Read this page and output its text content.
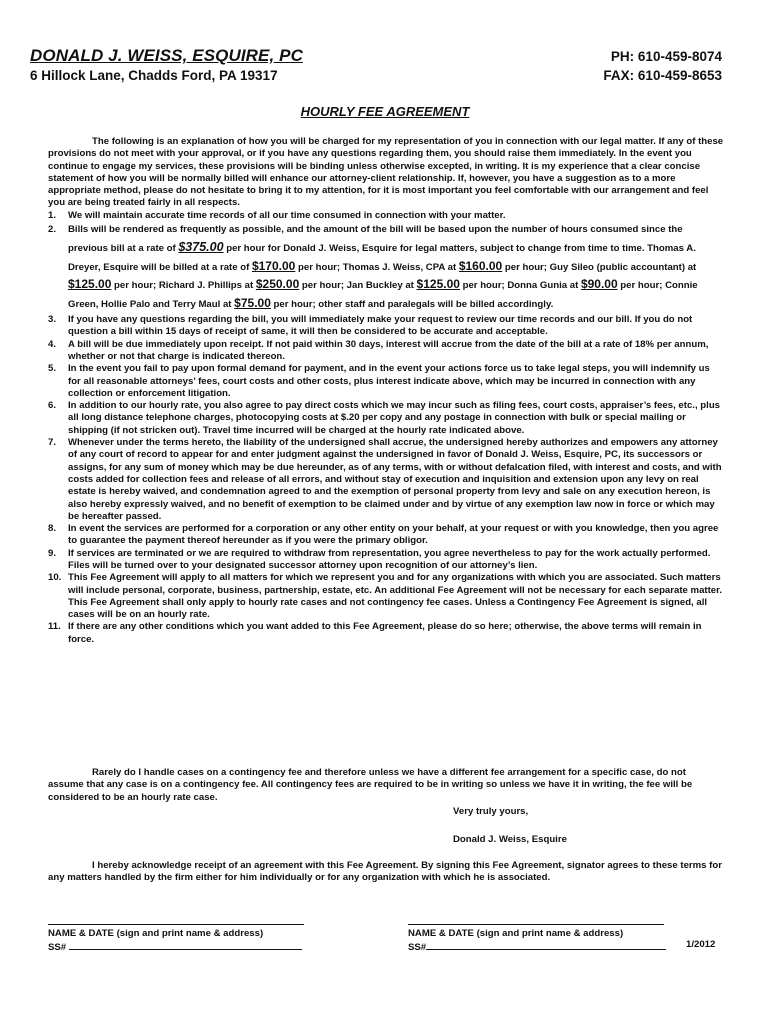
DONALD J. WEISS, ESQUIRE, PC
6 Hillock Lane, Chadds Ford, PA 19317
PH: 610-459-8074
FAX: 610-459-8653
HOURLY FEE AGREEMENT

The following is an explanation of how you will be charged for my representation of you in connection with our legal matter. If any of these provisions do not meet with your approval, or if you have any questions regarding them, you should raise them immediately. In the event you continue to engage my services, these provisions will be binding unless otherwise excepted, in writing. It is my experience that a clear concise statement of how you will be normally billed will enhance our attorney-client relationship. If, however, you have a suggestion as to a more appropriate method, please do not hesitate to bring it to my attention, for it is most important you feel comfortable with our arrangement and feel you are being treated fairly in all respects.

1. We will maintain accurate time records of all our time consumed in connection with your matter.
2. Bills will be rendered as frequently as possible, and the amount of the bill will be based upon the number of hours consumed since the previous bill at a rate of $375.00 per hour for Donald J. Weiss, Esquire for legal matters, subject to change from time to time. Thomas A. Dreyer, Esquire will be billed at a rate of $170.00 per hour; Thomas J. Weiss, CPA at $160.00 per hour; Guy Sileo (public accountant) at $125.00 per hour; Richard J. Phillips at $250.00 per hour; Jan Buckley at $125.00 per hour; Donna Gunia at $90.00 per hour; Connie Green, Hollie Palo and Terry Maul at $75.00 per hour; other staff and paralegals will be billed accordingly.
3. If you have any questions regarding the bill, you will immediately make your request to review our time records and our bill. If you do not question a bill within 15 days of receipt of same, it will then be considered to be accurate and acceptable.
4. A bill will be due immediately upon receipt. If not paid within 30 days, interest will accrue from the date of the bill at a rate of 18% per annum, whether or not that charge is indicated thereon.
5. In the event you fail to pay upon formal demand for payment, and in the event your actions force us to take legal steps, you will indemnify us for all reasonable attorneys’ fees, court costs and other costs, plus interest indicate above, which may be incurred in connection with any collection or enforcement litigation.
6. In addition to our hourly rate, you also agree to pay direct costs which we may incur such as filing fees, court costs, appraiser’s fees, etc., plus all long distance telephone charges, photocopying costs at $.20 per copy and any postage in connection with bulk or special mailing or shipping (if not stricken out). Travel time incurred will be charged at the hourly rate indicated above.
7. Whenever under the terms hereto, the liability of the undersigned shall accrue, the undersigned hereby authorizes and empowers any attorney of any court of record to appear for and enter judgment against the undersigned in favor of Donald J. Weiss, Esquire, PC, its successors or assigns, for any sum of money which may be due hereunder, as of any terms, with or without defalcation filed, with interest and costs, and with costs added for collection fees and release of all errors, and without stay of execution and inquisition and extension upon any levy on real estate is hereby waived, and condemnation agreed to and the exemption of personal property from levy and sale on any execution hereon, is also hereby expressly waived, and no benefit of exemption to be claimed under and by virtue of any exemption law now in force or which may be hereafter passed.
8. In event the services are performed for a corporation or any other entity on your behalf, at your request or with you knowledge, then you agree to guarantee the payment thereof hereunder as if you were the primary obligor.
9. If services are terminated or we are required to withdraw from representation, you agree nevertheless to pay for the work actually performed. Files will be turned over to your designated successor attorney upon recognition of our attorney’s lien.
10. This Fee Agreement will apply to all matters for which we represent you and for any organizations with which you are associated. Such matters will include personal, corporate, business, partnership, estate, etc. An additional Fee Agreement will not be necessary for each separate matter. This Fee Agreement shall only apply to hourly rate cases and not contingency fee cases. Unless a Contingency Fee Agreement is signed, all cases will be on an hourly rate.
11. If there are any other conditions which you want added to this Fee Agreement, please do so here; otherwise, the above terms will remain in force.

Rarely do I handle cases on a contingency fee and therefore unless we have a different fee arrangement for a specific case, do not assume that any case is on a contingency fee. All contingency fees are required to be in writing so unless we have it in writing, the fee will be considered to be an hourly rate case.

Very truly yours,
Donald J. Weiss, Esquire

I hereby acknowledge receipt of an agreement with this Fee Agreement. By signing this Fee Agreement, signator agrees to these terms for any matters handled by the firm either for him individually or for any organization with which he is associated.

NAME & DATE (sign and print name & address)
SS#
NAME & DATE (sign and print name & address)
SS#	1/2012
